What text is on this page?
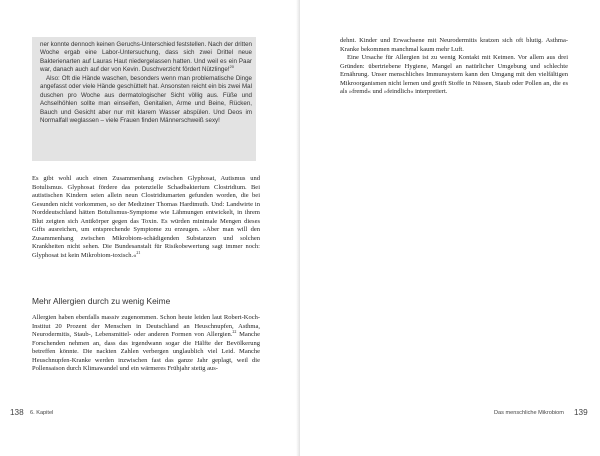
ner konnte dennoch keinen Geruchs-Unterschied feststellen. Nach der dritten Woche ergab eine Labor-Untersuchung, dass sich zwei Drittel neue Bakterienarten auf Lauras Haut niedergelassen hatten. Und weil es ein Paar war, danach auch auf der von Kevin. Duschverzicht fördert Nützlinge!$^{20}$

Also: Oft die Hände waschen, besonders wenn man problematische Dinge angefasst oder viele Hände geschüttelt hat. Ansonsten reicht ein bis zwei Mal duschen pro Woche aus dermatologischer Sicht völlig aus. Füße und Achselhöhlen sollte man einseifen, Genitalien, Arme und Beine, Rücken, Bauch und Gesicht aber nur mit klarem Wasser abspülen. Und Deos im Normalfall weglassen – viele Frauen finden Männerschweiß sexy!

Es gibt wohl auch einen Zusammenhang zwischen Glyphosat, Autismus und Botulismus. Glyphosat fördere das potenzielle Schadbakterium Clostridium. Bei autistischen Kindern seien allein neun Clostridiumarten gefunden worden, die bei Gesunden nicht vorkommen, so der Mediziner Thomas Hardtmuth. Und: Landwirte in Norddeutschland hätten Botulismus-Symptome wie Lähmungen entwickelt, in ihrem Blut zeigten sich Antikörper gegen das Toxin. Es würden minimale Mengen dieses Gifts ausreichen, um entsprechende Symptome zu erzeugen. »Aber man will den Zusammenhang zwischen Mikrobiom-schädigenden Substanzen und solchen Krankheiten nicht sehen. Die Bundesanstalt für Risikobewertung sagt immer noch: Glyphosat ist kein Mikrobiom-toxisch.«$^{21}$

Mehr Allergien durch zu wenig Keime

Allergien haben ebenfalls massiv zugenommen. Schon heute leiden laut Robert-Koch-Institut 20 Prozent der Menschen in Deutschland an Heuschnupfen, Asthma, Neurodermitis, Staub-, Lebensmittel- oder anderen Formen von Allergien.$^{22}$ Manche Forschenden nehmen an, dass das irgendwann sogar die Hälfte der Bevölkerung betreffen könnte. Die nackten Zahlen verbergen unglaublich viel Leid. Manche Heuschnupfen-Kranke werden inzwischen fast das ganze Jahr geplagt, weil die Pollensaison durch Klimawandel und ein wärmeres Frühjahr stetig aus-

138 6. Kapitel

dehnt. Kinder und Erwachsene mit Neurodermitis kratzen sich oft blutig. Asthma-Kranke bekommen manchmal kaum mehr Luft.

Eine Ursache für Allergien ist zu wenig Kontakt mit Keimen. Vor allem aus drei Gründen: übertriebene Hygiene, Mangel an natürlicher Umgebung und schlechte Ernährung. Unser menschliches Immunsystem kann den Umgang mit den vielfältigen Mikroorganismen nicht lernen und greift Stoffe in Nüssen, Staub oder Pollen an, die es als »fremd« und »feindlich« interpretiert.

Das menschliche Mikrobiom 139
